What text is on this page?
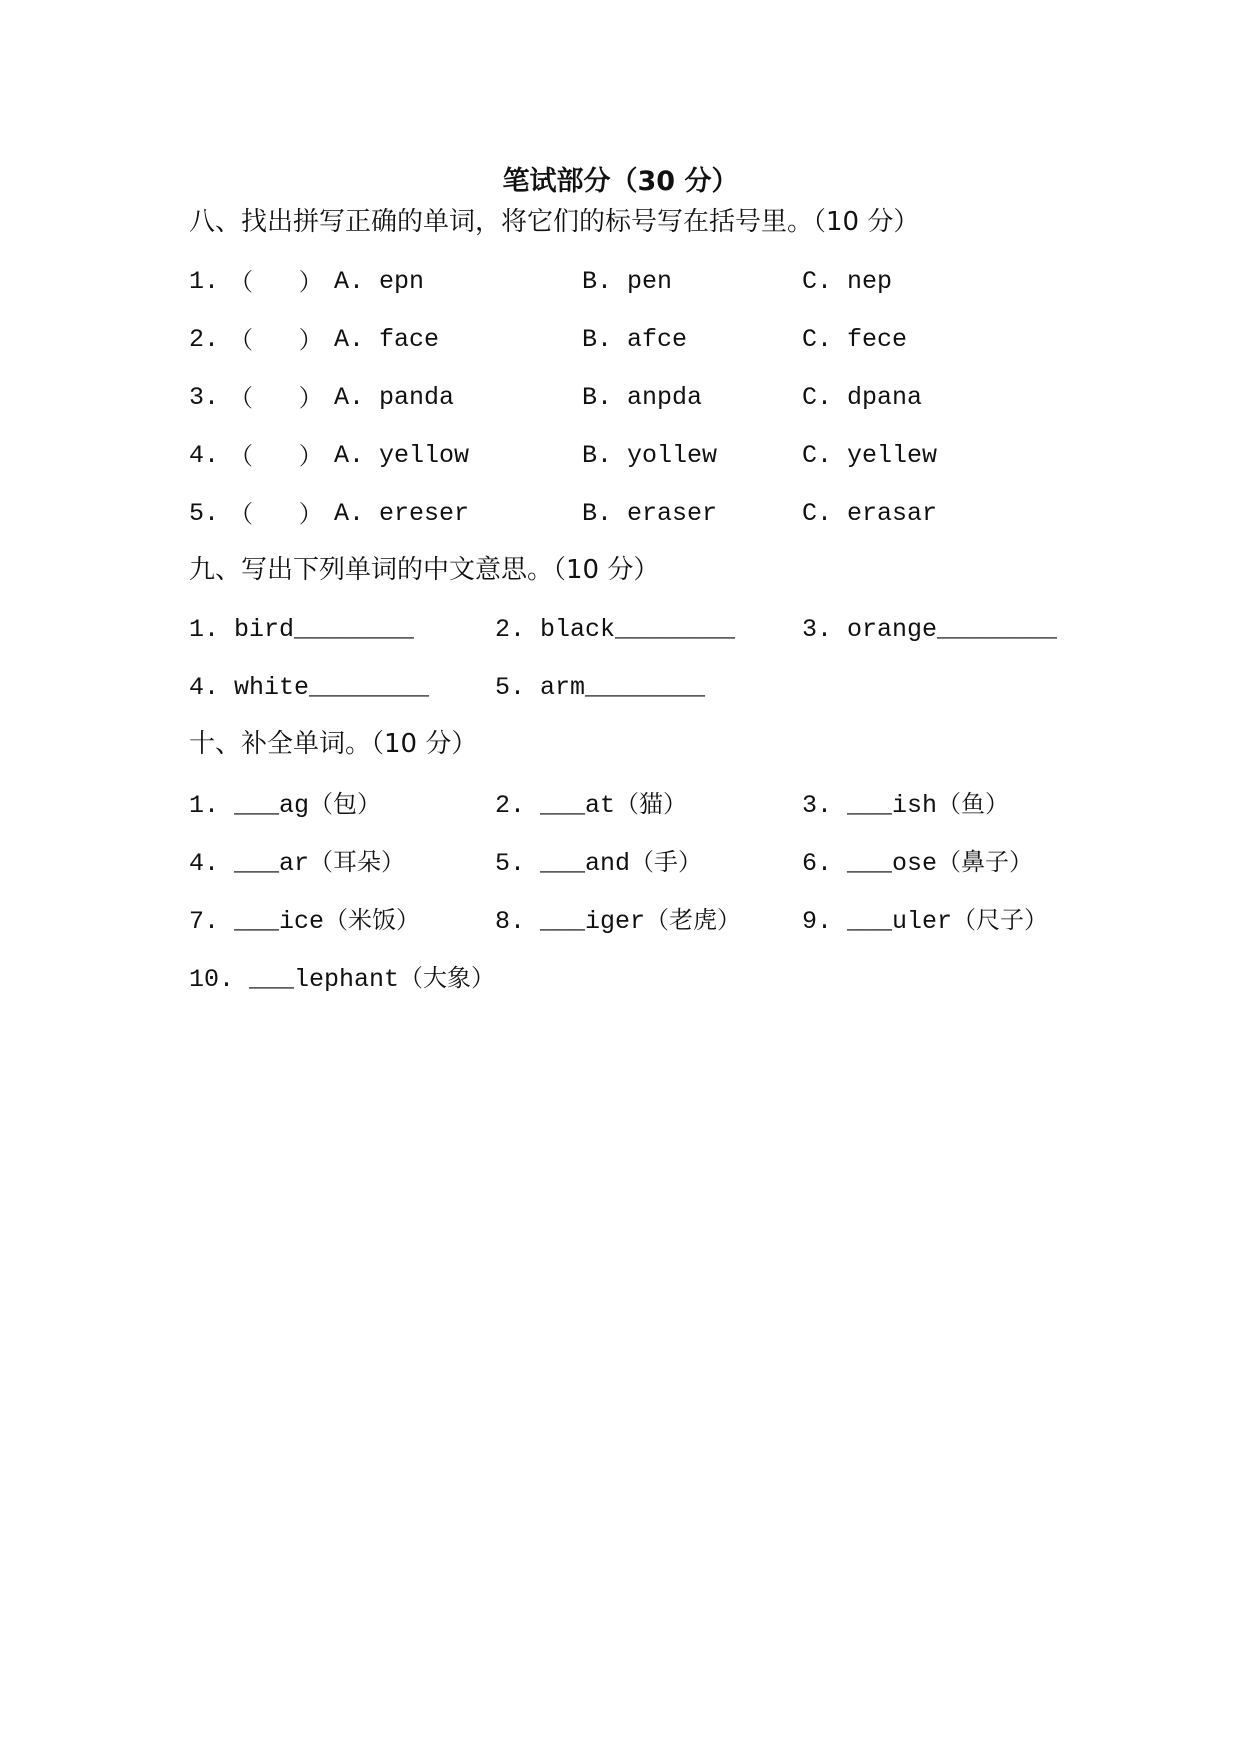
笔试部分（30 分）
八、找出拼写正确的单词，将它们的标号写在括号里。（10 分）

1.

（      ）

A. epn

	B. pen

	C. nep

2.

（      ）

A. face

	B. afce

	C. fece

3.

（      ）

A. panda

	B. anpda

	C. dpana

4.

（      ）

A. yellow

	B. yollew

	C. yellew

5.

（      ）

A. ereser

	B. eraser

	C. erasar

九、写出下列单词的中文意思。（10 分）

1. bird________

	2. black________

	3. orange________

4. white________

	5. arm________

十、补全单词。（10 分）

1. ___ag（包）

	2. ___at（猫）

	3. ___ish（鱼）

4. ___ar（耳朵）

	5. ___and（手）

	6. ___ose（鼻子）

7. ___ice（米饭）

	8. ___iger（老虎）

9. ___uler（尺子）

10. ___lephant（大象）
